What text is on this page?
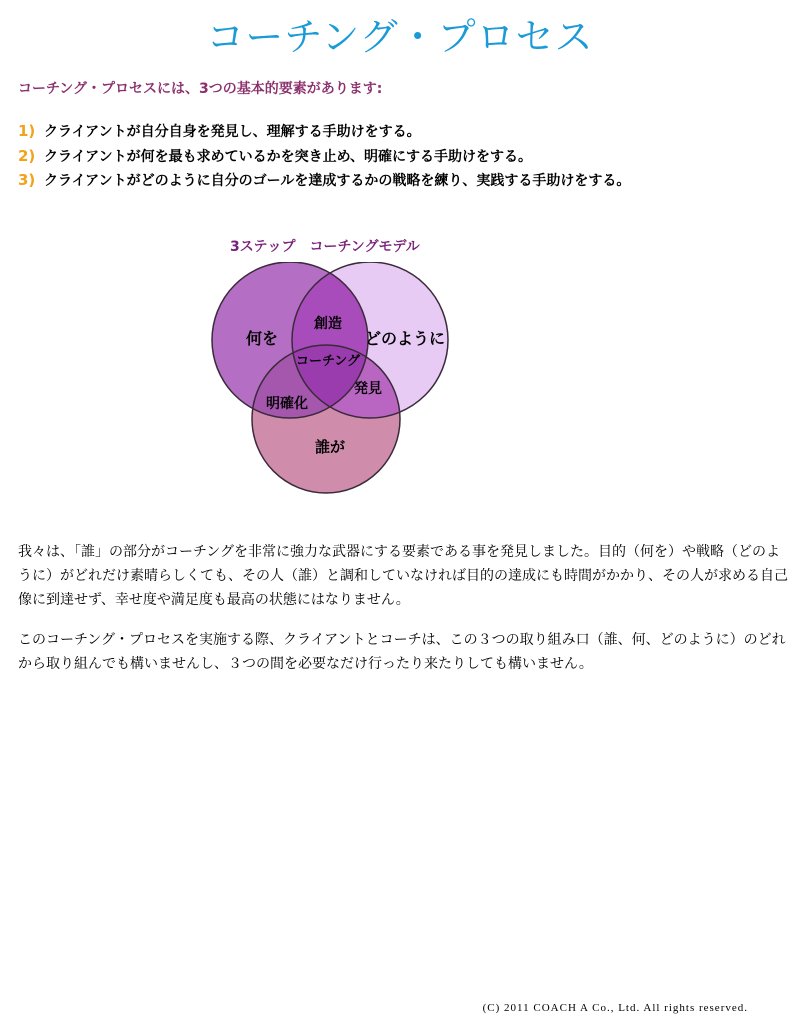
コーチング・プロセス

コーチング・プロセスには、3つの基本的要素があります:

1) クライアントが自分自身を発見し、理解する手助けをする。
2) クライアントが何を最も求めているかを突き止め、明確にする手助けをする。
3) クライアントがどのように自分のゴールを達成するかの戦略を練り、実践する手助けをする。

3ステップ　コーチングモデル

何を	どのように
誰が
創造
コーチング
発見
明確化

我々は、「誰」の部分がコーチングを非常に強力な武器にする要素である事を発見しました。目的（何を）や戦略（どのように）がどれだけ素晴らしくても、その人（誰）と調和していなければ目的の達成にも時間がかかり、その人が求める自己像に到達せず、幸せ度や満足度も最高の状態にはなりません。

このコーチング・プロセスを実施する際、クライアントとコーチは、この３つの取り組み口（誰、何、どのように）のどれから取り組んでも構いませんし、３つの間を必要なだけ行ったり来たりしても構いません。

(C) 2011 COACH A Co., Ltd. All rights reserved.
